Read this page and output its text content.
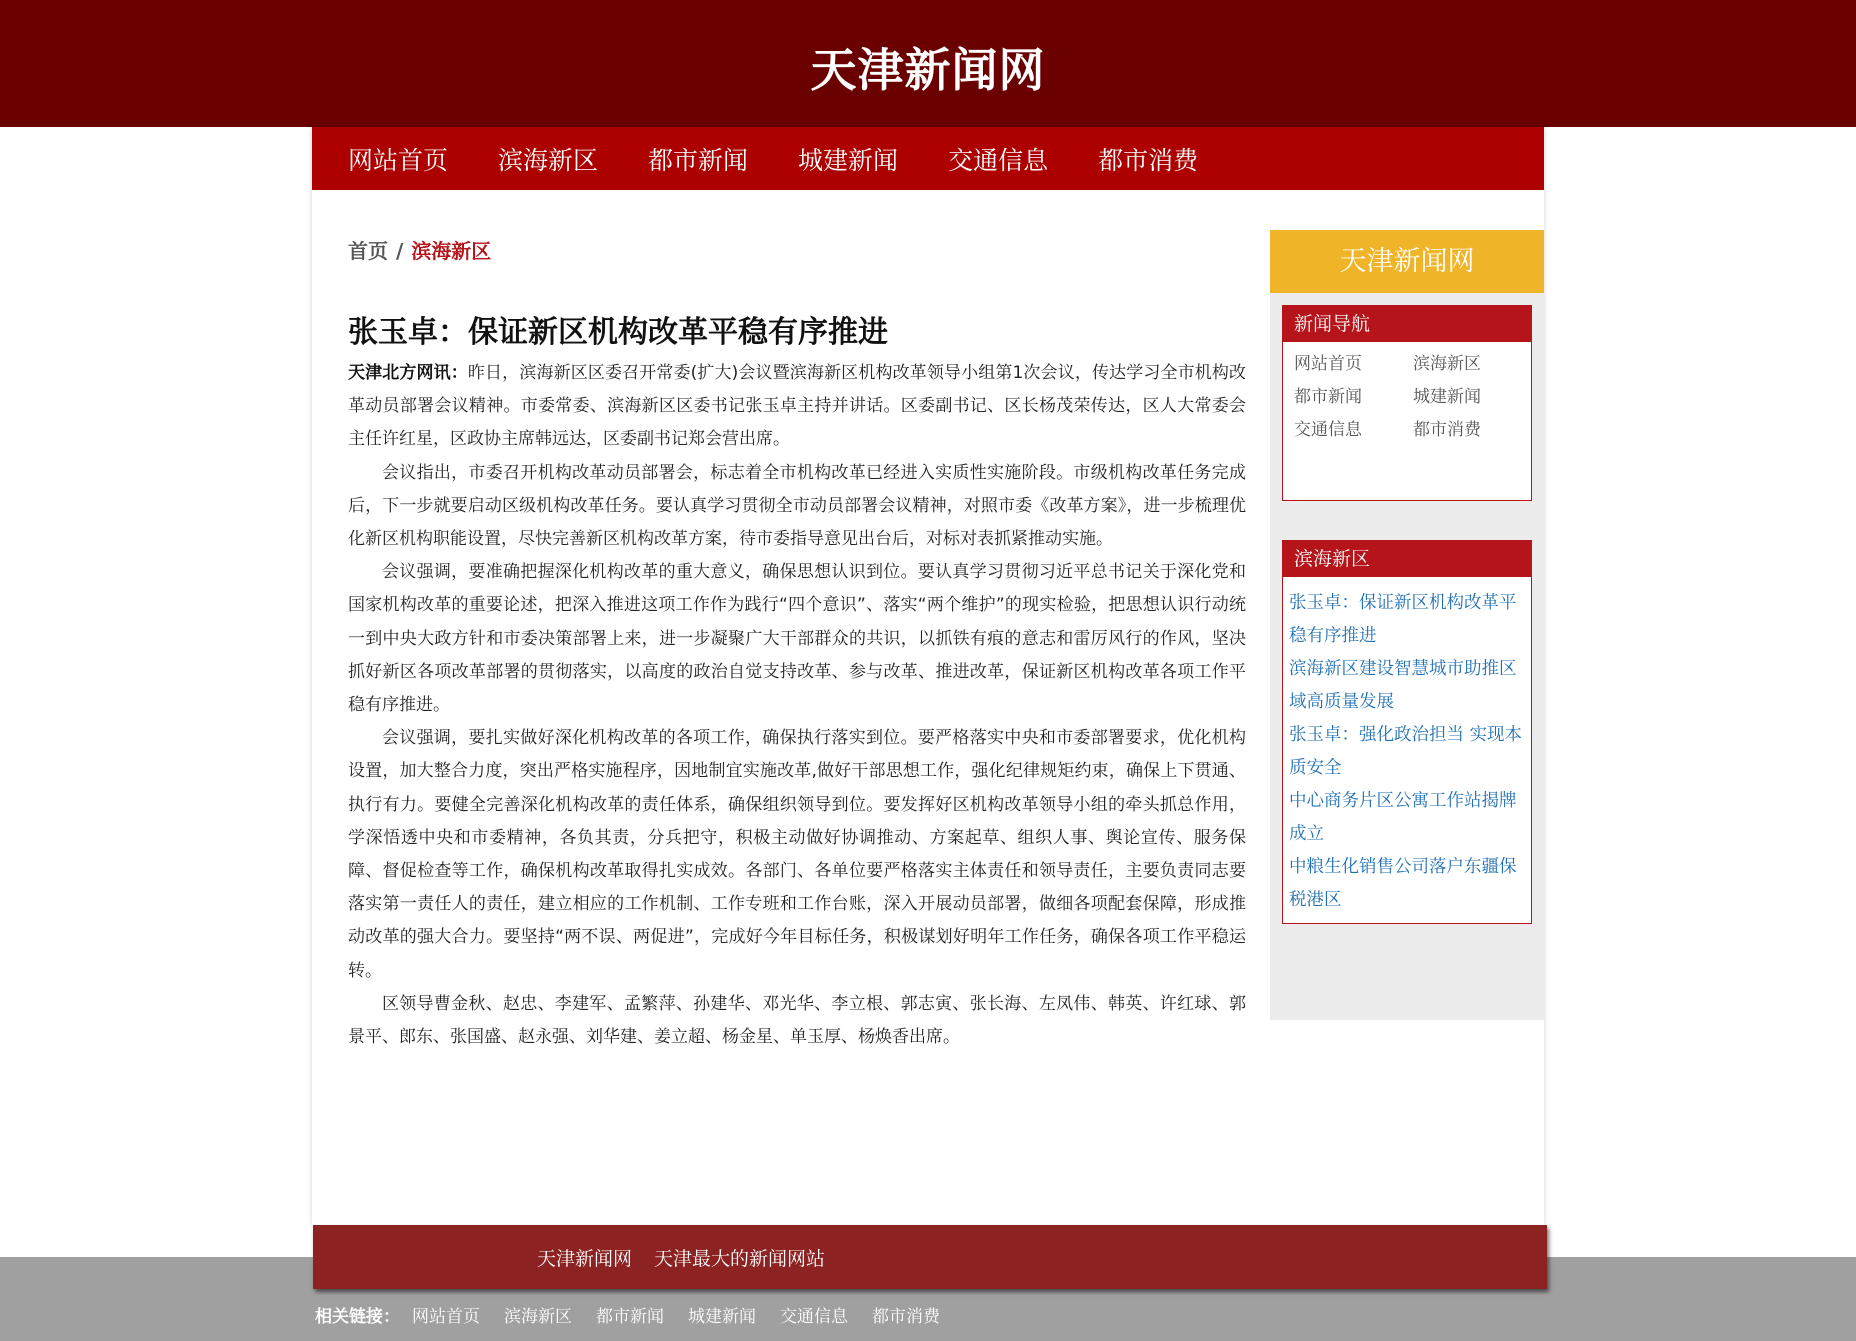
天津新闻网
网站首页 滨海新区 都市新闻 城建新闻 交通信息 都市消费
首页 / 滨海新区
张玉卓：保证新区机构改革平稳有序推进

天津北方网讯：昨日，滨海新区区委召开常委(扩大)会议暨滨海新区机构改革领导小组第1次会议，传达学习全市机构改革动员部署会议精神。市委常委、滨海新区区委书记张玉卓主持并讲话。区委副书记、区长杨茂荣传达，区人大常委会主任许红星，区政协主席韩远达，区委副书记郑会营出席。

会议指出，市委召开机构改革动员部署会，标志着全市机构改革已经进入实质性实施阶段。市级机构改革任务完成后，下一步就要启动区级机构改革任务。要认真学习贯彻全市动员部署会议精神，对照市委《改革方案》，进一步梳理优化新区机构职能设置，尽快完善新区机构改革方案，待市委指导意见出台后，对标对表抓紧推动实施。

会议强调，要准确把握深化机构改革的重大意义，确保思想认识到位。要认真学习贯彻习近平总书记关于深化党和国家机构改革的重要论述，把深入推进这项工作作为践行“四个意识”、落实“两个维护”的现实检验，把思想认识行动统一到中央大政方针和市委决策部署上来，进一步凝聚广大干部群众的共识，以抓铁有痕的意志和雷厉风行的作风，坚决抓好新区各项改革部署的贯彻落实，以高度的政治自觉支持改革、参与改革、推进改革，保证新区机构改革各项工作平稳有序推进。

会议强调，要扎实做好深化机构改革的各项工作，确保执行落实到位。要严格落实中央和市委部署要求，优化机构设置，加大整合力度，突出严格实施程序，因地制宜实施改革,做好干部思想工作，强化纪律规矩约束，确保上下贯通、执行有力。要健全完善深化机构改革的责任体系，确保组织领导到位。要发挥好区机构改革领导小组的牵头抓总作用，学深悟透中央和市委精神，各负其责，分兵把守，积极主动做好协调推动、方案起草、组织人事、舆论宣传、服务保障、督促检查等工作，确保机构改革取得扎实成效。各部门、各单位要严格落实主体责任和领导责任，主要负责同志要落实第一责任人的责任，建立相应的工作机制、工作专班和工作台账，深入开展动员部署，做细各项配套保障，形成推动改革的强大合力。要坚持“两不误、两促进”，完成好今年目标任务，积极谋划好明年工作任务，确保各项工作平稳运转。

区领导曹金秋、赵忠、李建军、孟繁萍、孙建华、邓光华、李立根、郭志寅、张长海、左凤伟、韩英、许红球、郭景平、郎东、张国盛、赵永强、刘华建、姜立超、杨金星、单玉厚、杨焕香出席。

天津新闻网
新闻导航
网站首页	滨海新区
都市新闻	城建新闻
交通信息	都市消费
滨海新区
张玉卓：保证新区机构改革平稳有序推进
滨海新区建设智慧城市助推区域高质量发展
张玉卓：强化政治担当 实现本质安全
中心商务片区公寓工作站揭牌成立
中粮生化销售公司落户东疆保税港区
天津新闻网 天津最大的新闻网站
相关链接： 网站首页 滨海新区 都市新闻 城建新闻 交通信息 都市消费
